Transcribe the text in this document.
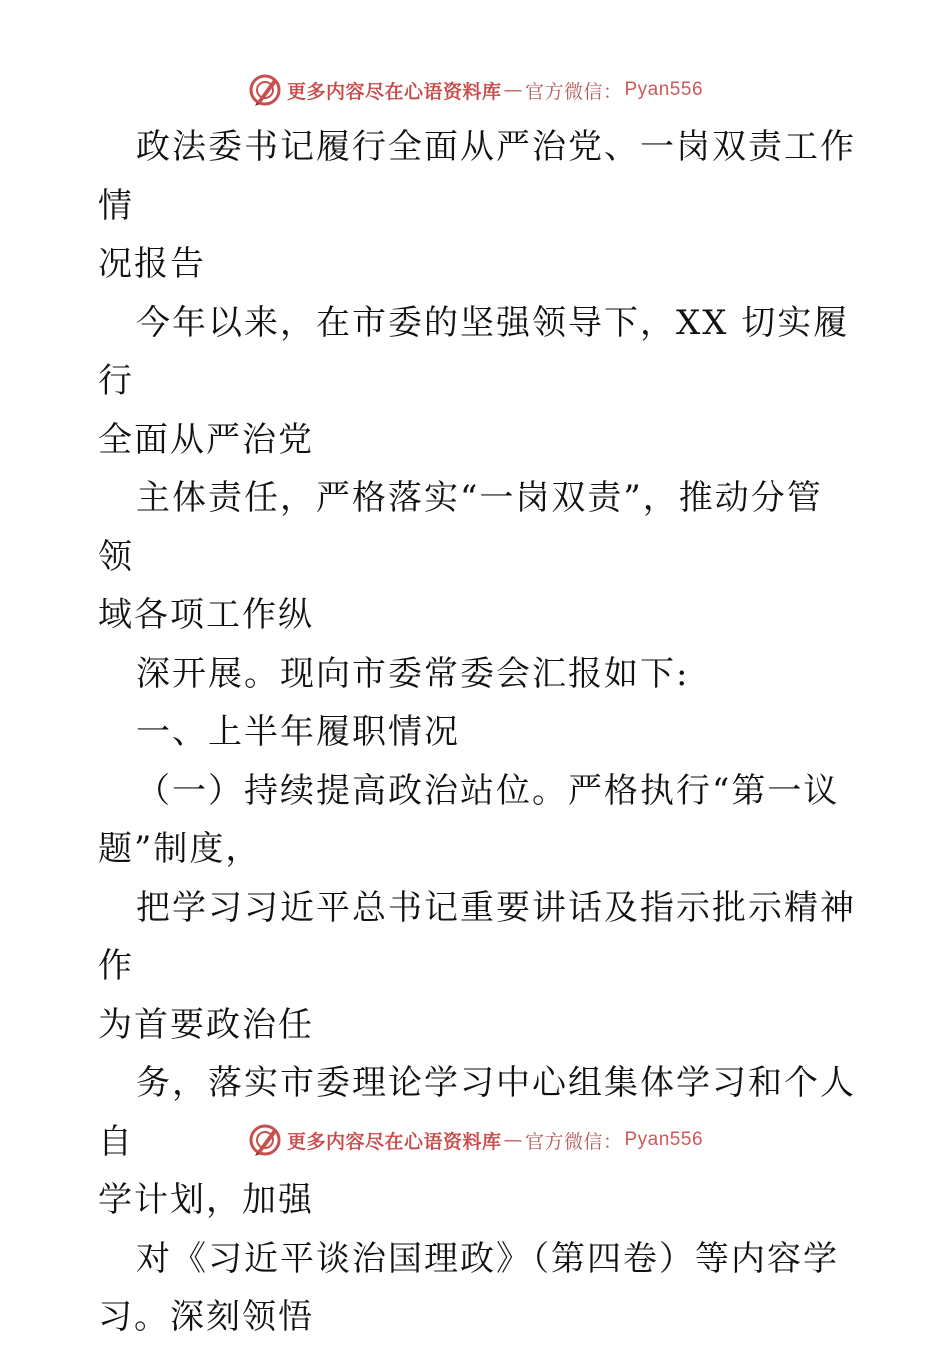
更多内容尽在心语资料库 — 官方微信： Pyan556

政法委书记履行全面从严治党、一岗双责工作情
况报告

今年以来，在市委的坚强领导下，XX 切实履行
全面从严治党

主体责任，严格落实“一岗双责”，推动分管领
域各项工作纵

深开展。现向市委常委会汇报如下:

一、上半年履职情况

（一）持续提高政治站位。严格执行“第一议
题”制度，

把学习习近平总书记重要讲话及指示批示精神作
为首要政治任

务，落实市委理论学习中心组集体学习和个人自
学计划，加强

对《习近平谈治国理政》（第四卷）等内容学
习。深刻领悟

更多内容尽在心语资料库 — 官方微信： Pyan556
